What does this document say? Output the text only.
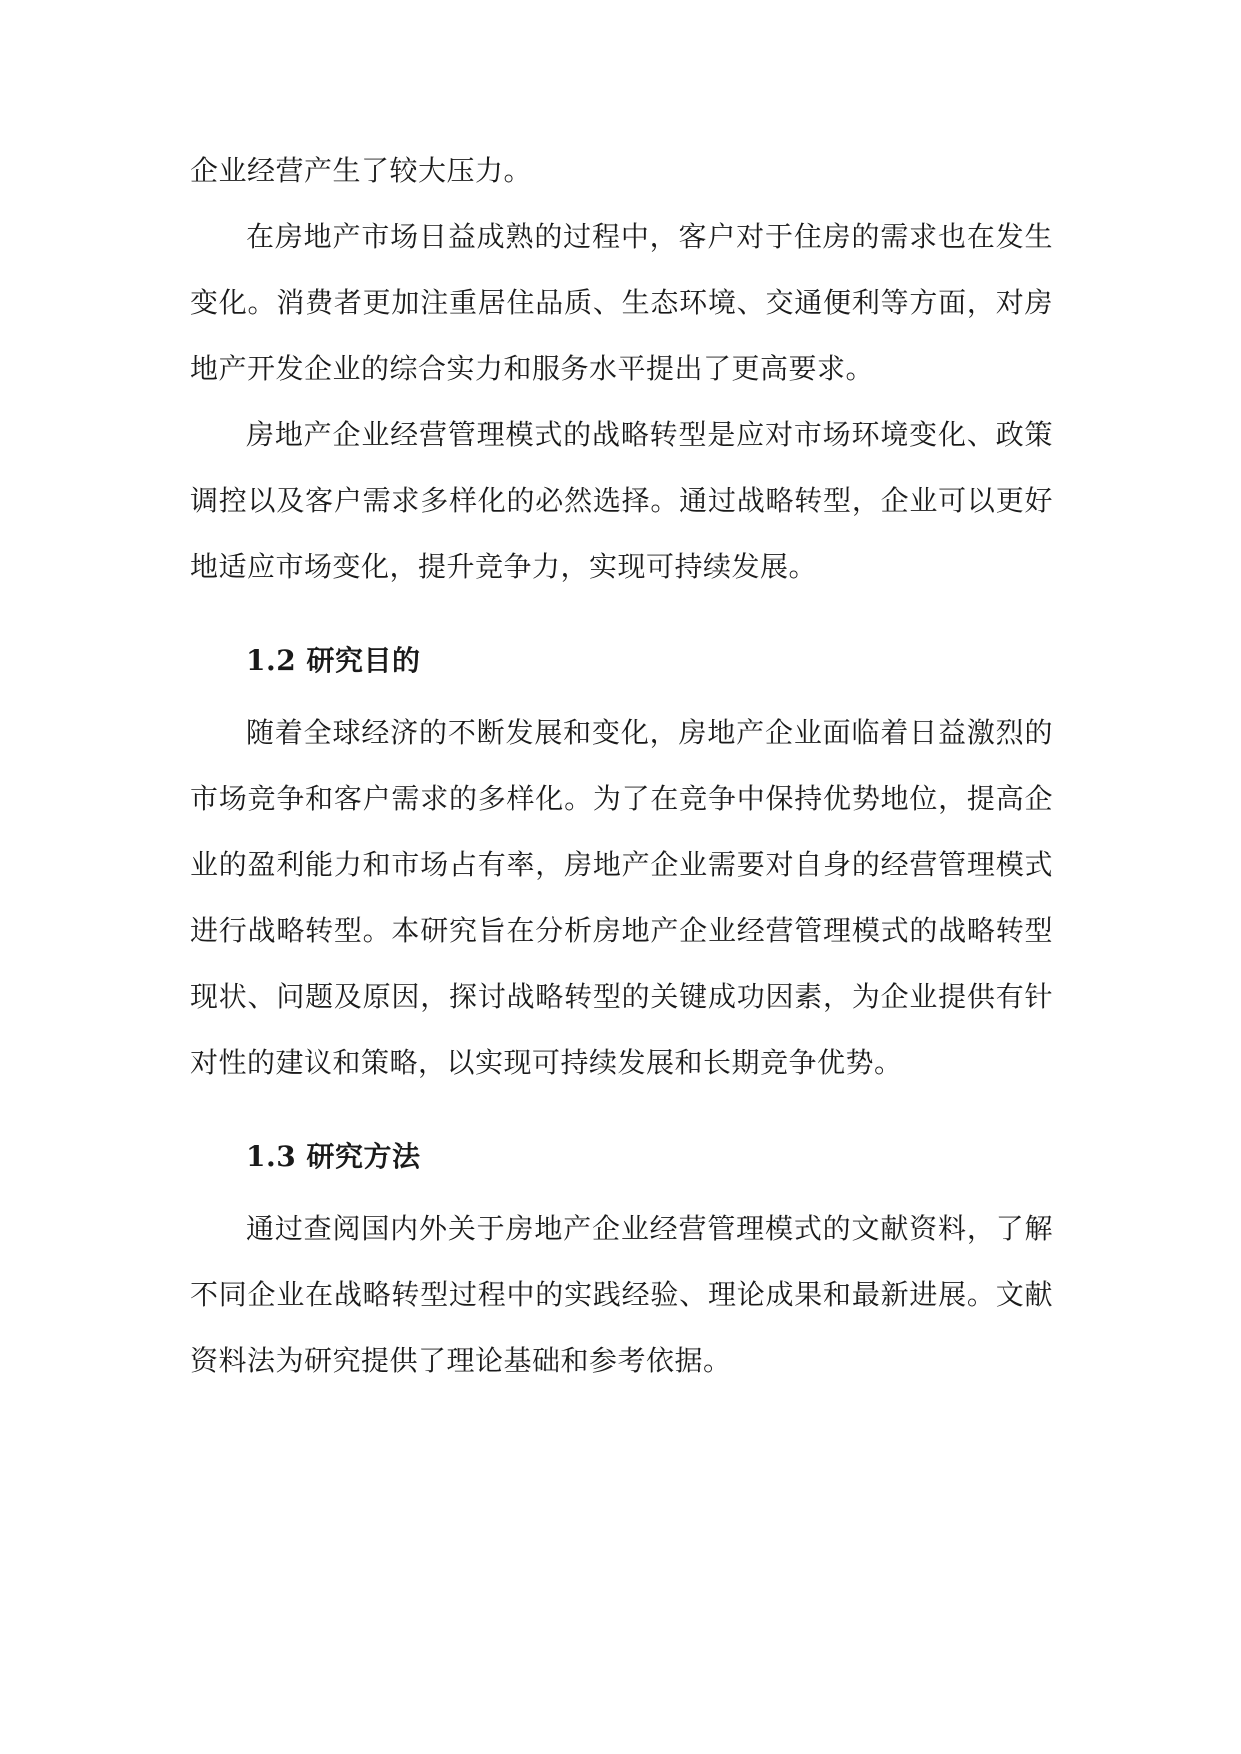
企业经营产生了较大压力。

在房地产市场日益成熟的过程中，客户对于住房的需求也在发生变化。消费者更加注重居住品质、生态环境、交通便利等方面，对房地产开发企业的综合实力和服务水平提出了更高要求。

房地产企业经营管理模式的战略转型是应对市场环境变化、政策调控以及客户需求多样化的必然选择。通过战略转型，企业可以更好地适应市场变化，提升竞争力，实现可持续发展。

1.2 研究目的

随着全球经济的不断发展和变化，房地产企业面临着日益激烈的市场竞争和客户需求的多样化。为了在竞争中保持优势地位，提高企业的盈利能力和市场占有率，房地产企业需要对自身的经营管理模式进行战略转型。本研究旨在分析房地产企业经营管理模式的战略转型现状、问题及原因，探讨战略转型的关键成功因素，为企业提供有针对性的建议和策略，以实现可持续发展和长期竞争优势。

1.3 研究方法

通过查阅国内外关于房地产企业经营管理模式的文献资料，了解不同企业在战略转型过程中的实践经验、理论成果和最新进展。文献资料法为研究提供了理论基础和参考依据。
